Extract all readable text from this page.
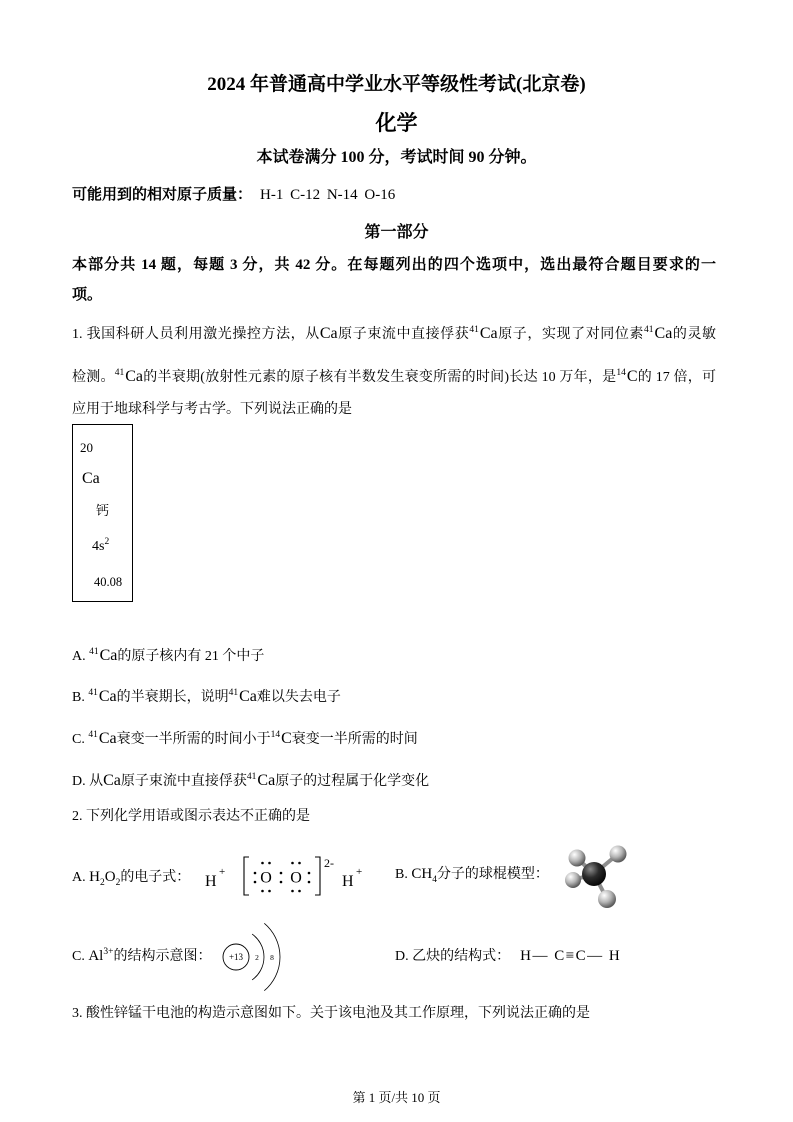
2024 年普通高中学业水平等级性考试(北京卷)
化学
本试卷满分 100 分，考试时间 90 分钟。
可能用到的相对原子质量： H-1 C-12 N-14 O-16
第一部分
本部分共 14 题，每题 3 分，共 42 分。在每题列出的四个选项中，选出最符合题目要求的一
项。
1. 我国科研人员利用激光操控方法，从Ca原子束流中直接俘获$^{41}$Ca原子，实现了对同位素$^{41}$Ca的灵敏
检测。$^{41}$Ca的半衰期(放射性元素的原子核有半数发生衰变所需的时间)长达 10 万年，是$^{14}$C的 17 倍，可
应用于地球科学与考古学。下列说法正确的是
20
Ca
钙
$4s^2$
40.08
A. $^{41}$Ca的原子核内有 21 个中子
B. $^{41}$Ca的半衰期长，说明$^{41}$Ca难以失去电子
C. $^{41}$Ca衰变一半所需的时间小于$^{14}$C衰变一半所需的时间
D. 从Ca原子束流中直接俘获$^{41}$Ca原子的过程属于化学变化
2. 下列化学用语或图示表达不正确的是
A. $H_2O_2$的电子式： H
+ O O
2-
H
+ B. $CH_4$分子的球棍模型：
C. $Al^{3+}$的结构示意图： +13 2 8	D. 乙炔的结构式： H— C≡C— H
3. 酸性锌锰干电池的构造示意图如下。关于该电池及其工作原理，下列说法正确的是
第 1 页/共 10 页
